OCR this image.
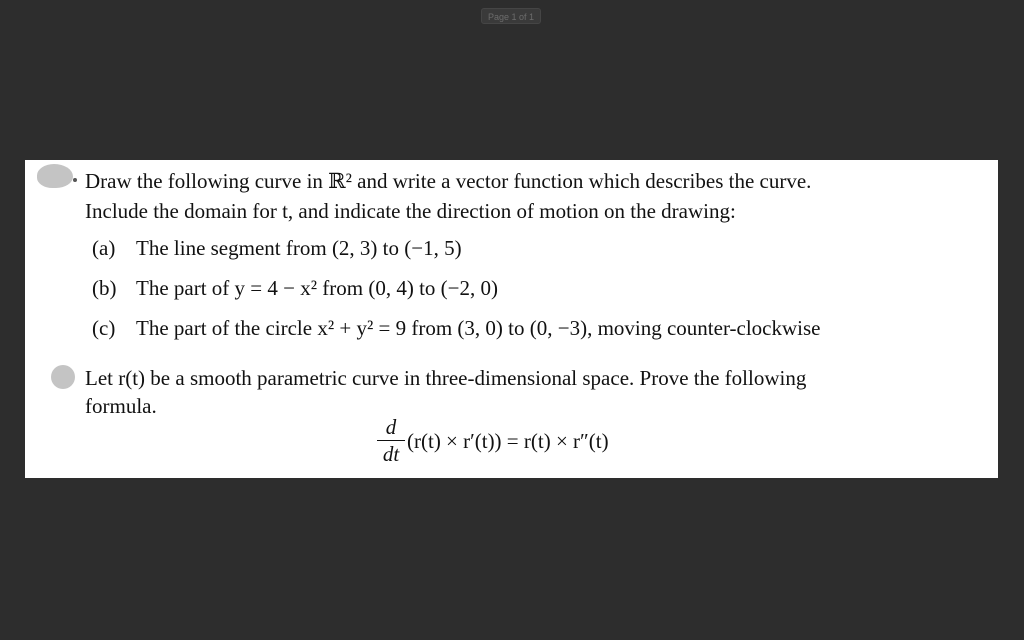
Page 1 of 1
Draw the following curve in ℝ² and write a vector function which describes the curve.
Include the domain for t, and indicate the direction of motion on the drawing:
(a) The line segment from (2, 3) to (−1, 5)
(b) The part of y = 4 − x² from (0, 4) to (−2, 0)
(c) The part of the circle x² + y² = 9 from (3, 0) to (0, −3), moving counter-clockwise
Let r(t) be a smooth parametric curve in three-dimensional space. Prove the following
formula.
d
dt
(r(t) × r′(t)) = r(t) × r″(t)
